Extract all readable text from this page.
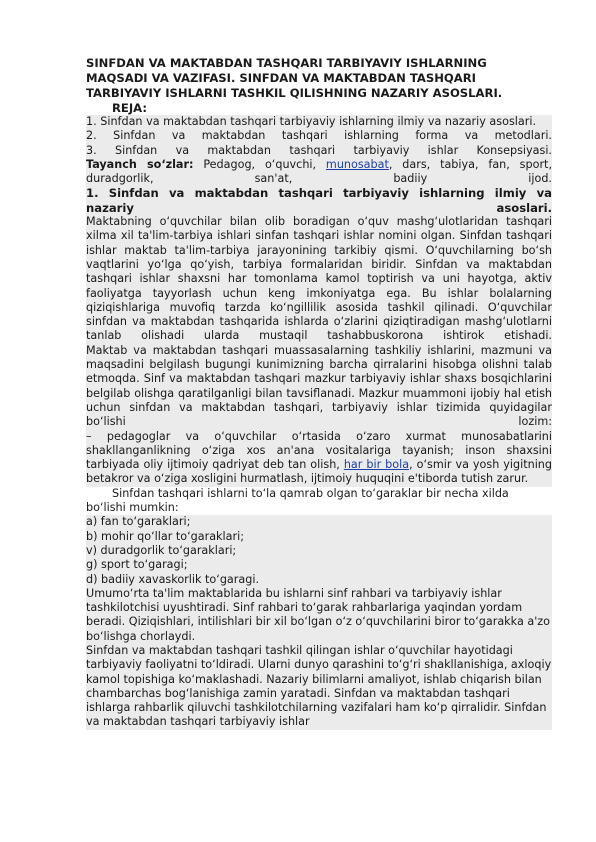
SINFDAN VA MAKTABDAN TASHQARI TARBIYAVIY ISHLARNING MAQSADI VA VAZIFASI. SINFDAN VA MAKTABDAN TASHQARI TARBIYAVIY ISHLARNI TASHKIL QILISHNING NAZARIY ASOSLARI.

REJA:

1. Sinfdan va maktabdan tashqari tarbiyaviy ishlarning ilmiy va nazariy asoslari.

2. Sinfdan va maktabdan tashqari ishlarning forma va metodlari.

3. Sinfdan va maktabdan tashqari tarbiyaviy ishlar Konsepsiyasi.

Tayanch so‘zlar: Pedagog, o‘quvchi, munosabat, dars, tabiya, fan, sport, duradgorlik, san'at, badiiy ijod.

1. Sinfdan va maktabdan tashqari tarbiyaviy ishlarning ilmiy va nazariy asoslari.

Maktabning o‘quvchilar bilan olib boradigan o‘quv mashg‘ulotlaridan tashqari xilma xil ta'lim-tarbiya ishlari sinfan tashqari ishlar nomini olgan. Sinfdan tashqari ishlar maktab ta'lim-tarbiya jarayonining tarkibiy qismi. O‘quvchilarning bo‘sh vaqtlarini yo‘lga qo‘yish, tarbiya formalaridan biridir. Sinfdan va maktabdan tashqari ishlar shaxsni har tomonlama kamol toptirish va uni hayotga, aktiv faoliyatga tayyorlash uchun keng imkoniyatga ega. Bu ishlar bolalarning qiziqishlariga muvofiq tarzda ko‘ngillilik asosida tashkil qilinadi. O‘quvchilar sinfdan va maktabdan tashqarida ishlarda o‘zlarini qiziqtiradigan mashg‘ulotlarni tanlab olishadi ularda mustaqil tashabbuskorona ishtirok etishadi.

Maktab va maktabdan tashqari muassasalarning tashkiliy ishlarini, mazmuni va maqsadini belgilash bugungi kunimizning barcha qirralarini hisobga olishni talab etmoqda. Sinf va maktabdan tashqari mazkur tarbiyaviy ishlar shaxs bosqichlarini belgilab olishga qaratilganligi bilan tavsiflanadi. Mazkur muammoni ijobiy hal etish uchun sinfdan va maktabdan tashqari, tarbiyaviy ishlar tizimida quyidagilar bo‘lishi lozim:

– pedagoglar va o‘quvchilar o‘rtasida o‘zaro xurmat munosabatlarini shakllanganlikning o‘ziga xos an'ana vositalariga tayanish; inson shaxsini tarbiyada oliy ijtimoiy qadriyat deb tan olish, har bir bola, o‘smir va yosh yigitning betakror va o‘ziga xosligini hurmatlash, ijtimoiy huquqini e'tiborda tutish zarur.

Sinfdan tashqari ishlarni to‘la qamrab olgan to‘garaklar bir necha xilda bo‘lishi mumkin:

a) fan to‘garaklari;

b) mohir qo‘llar to‘garaklari;

v) duradgorlik to‘garaklari;

g) sport to‘garagi;

d) badiiy xavaskorlik to‘garagi.

Umumo‘rta ta'lim maktablarida bu ishlarni sinf rahbari va tarbiyaviy ishlar tashkilotchisi uyushtiradi. Sinf rahbari to‘garak rahbarlariga yaqindan yordam beradi. Qiziqishlari, intilishlari bir xil bo‘lgan o‘z o‘quvchilarini biror to‘garakka a'zo bo‘lishga chorlaydi.

Sinfdan va maktabdan tashqari tashkil qilingan ishlar o‘quvchilar hayotidagi tarbiyaviy faoliyatni to‘ldiradi. Ularni dunyo qarashini to‘g‘ri shakllanishiga, axloqiy kamol topishiga ko‘maklashadi. Nazariy bilimlarni amaliyot, ishlab chiqarish bilan chambarchas bog‘lanishiga zamin yaratadi. Sinfdan va maktabdan tashqari ishlarga rahbarlik qiluvchi tashkilotchilarning vazifalari ham ko‘p qirralidir. Sinfdan va maktabdan tashqari tarbiyaviy ishlar
